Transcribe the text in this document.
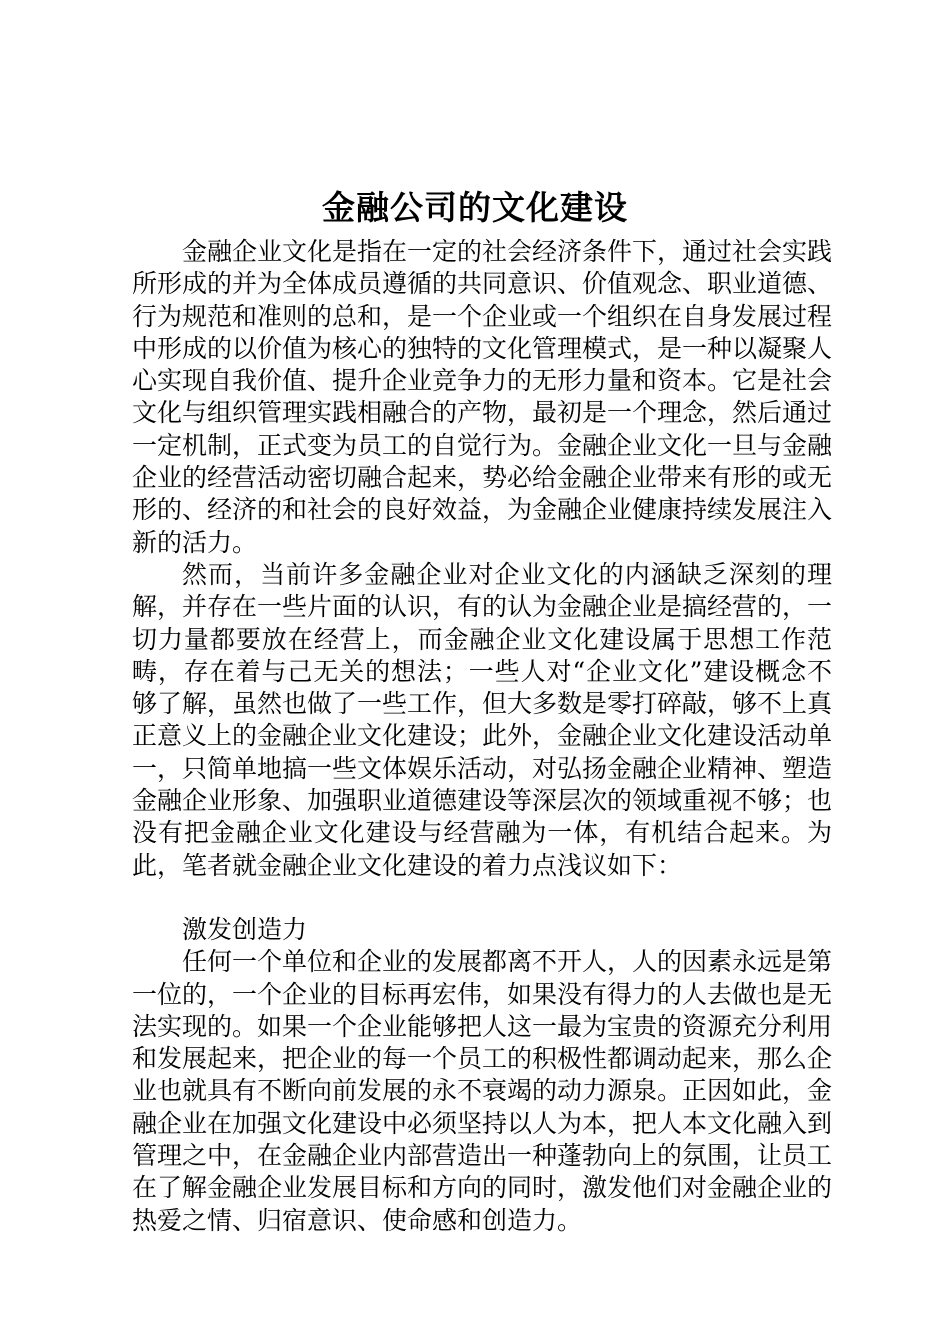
金融公司的文化建设

金融企业文化是指在一定的社会经济条件下，通过社会实践所形成的并为全体成员遵循的共同意识、价值观念、职业道德、行为规范和准则的总和，是一个企业或一个组织在自身发展过程中形成的以价值为核心的独特的文化管理模式，是一种以凝聚人心实现自我价值、提升企业竞争力的无形力量和资本。它是社会文化与组织管理实践相融合的产物，最初是一个理念，然后通过一定机制，正式变为员工的自觉行为。金融企业文化一旦与金融企业的经营活动密切融合起来，势必给金融企业带来有形的或无形的、经济的和社会的良好效益，为金融企业健康持续发展注入新的活力。

然而，当前许多金融企业对企业文化的内涵缺乏深刻的理解，并存在一些片面的认识，有的认为金融企业是搞经营的，一切力量都要放在经营上，而金融企业文化建设属于思想工作范畴，存在着与己无关的想法；一些人对“企业文化”建设概念不够了解，虽然也做了一些工作，但大多数是零打碎敲，够不上真正意义上的金融企业文化建设；此外，金融企业文化建设活动单一，只简单地搞一些文体娱乐活动，对弘扬金融企业精神、塑造金融企业形象、加强职业道德建设等深层次的领域重视不够；也没有把金融企业文化建设与经营融为一体，有机结合起来。为此，笔者就金融企业文化建设的着力点浅议如下：

激发创造力

任何一个单位和企业的发展都离不开人，人的因素永远是第一位的，一个企业的目标再宏伟，如果没有得力的人去做也是无法实现的。如果一个企业能够把人这一最为宝贵的资源充分利用和发展起来，把企业的每一个员工的积极性都调动起来，那么企业也就具有不断向前发展的永不衰竭的动力源泉。正因如此，金融企业在加强文化建设中必须坚持以人为本，把人本文化融入到管理之中，在金融企业内部营造出一种蓬勃向上的氛围，让员工在了解金融企业发展目标和方向的同时，激发他们对金融企业的热爱之情、归宿意识、使命感和创造力。
